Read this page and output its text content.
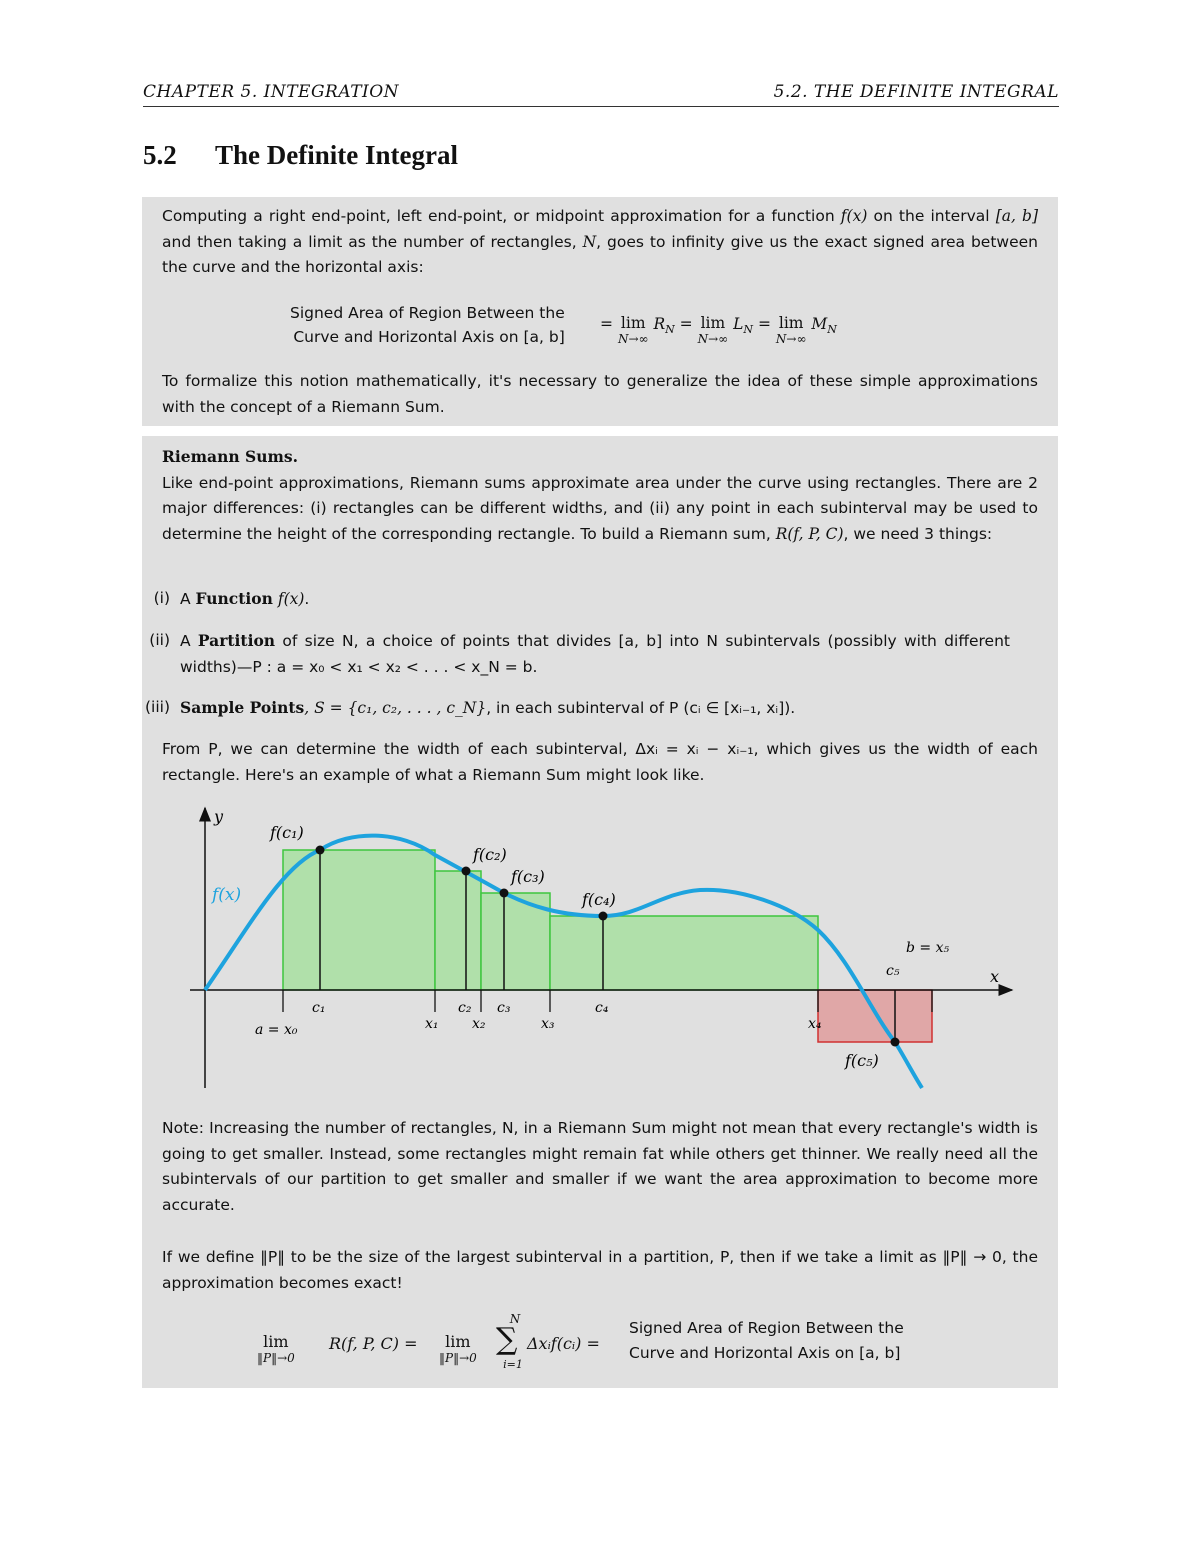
CHAPTER 5. INTEGRATION	5.2. THE DEFINITE INTEGRAL
5.2 The Definite Integral
Computing a right end-point, left end-point, or midpoint approximation for a function f(x) on the interval [a, b] and then taking a limit as the number of rectangles, N, goes to infinity give us the exact signed area between the curve and the horizontal axis:
Signed Area of Region Between the
Curve and Horizontal Axis on [a, b]
= lim
N→∞
$R_N = \lim$
N→∞
$L_N = \lim$
N→∞
$M_N$
To formalize this notion mathematically, it's necessary to generalize the idea of these simple approximations with the concept of a Riemann Sum.
Riemann Sums.
Like end-point approximations, Riemann sums approximate area under the curve using rectangles. There are 2 major differences: (i) rectangles can be different widths, and (ii) any point in each subinterval may be used to determine the height of the corresponding rectangle. To build a Riemann sum, R(f, P, C), we need 3 things:
(i) A Function f(x).
(ii) A Partition of size N, a choice of points that divides [a, b] into N subintervals (possibly with different widths)—P : a = x₀ < x₁ < x₂ < . . . < x_N = b.
(iii) Sample Points, S = {c₁, c₂, . . . , c_N}, in each subinterval of P (cᵢ ∈ [xᵢ₋₁, xᵢ]).
From P, we can determine the width of each subinterval, Δxᵢ = xᵢ − xᵢ₋₁, which gives us the width of each rectangle. Here's an example of what a Riemann Sum might look like.
y
x
f(x)
f(c₁)
f(c₂)
f(c₃)
f(c₄)
f(c₅)
c₁	c₂ c₃	c₄
c₅
a = x₀	x₁ x₂	x₃	x₄
b = x₅
Note: Increasing the number of rectangles, N, in a Riemann Sum might not mean that every rectangle's width is going to get smaller. Instead, some rectangles might remain fat while others get thinner. We really need all the subintervals of our partition to get smaller and smaller if we want the area approximation to become more accurate.
If we define ‖P‖ to be the size of the largest subinterval in a partition, P, then if we take a limit as ‖P‖ → 0, the approximation becomes exact!
lim
‖P‖→0
R(f, P, C) =	lim
‖P‖→0
N
∑
i=1
Δxᵢf(cᵢ) =
Signed Area of Region Between the
Curve and Horizontal Axis on [a, b]
